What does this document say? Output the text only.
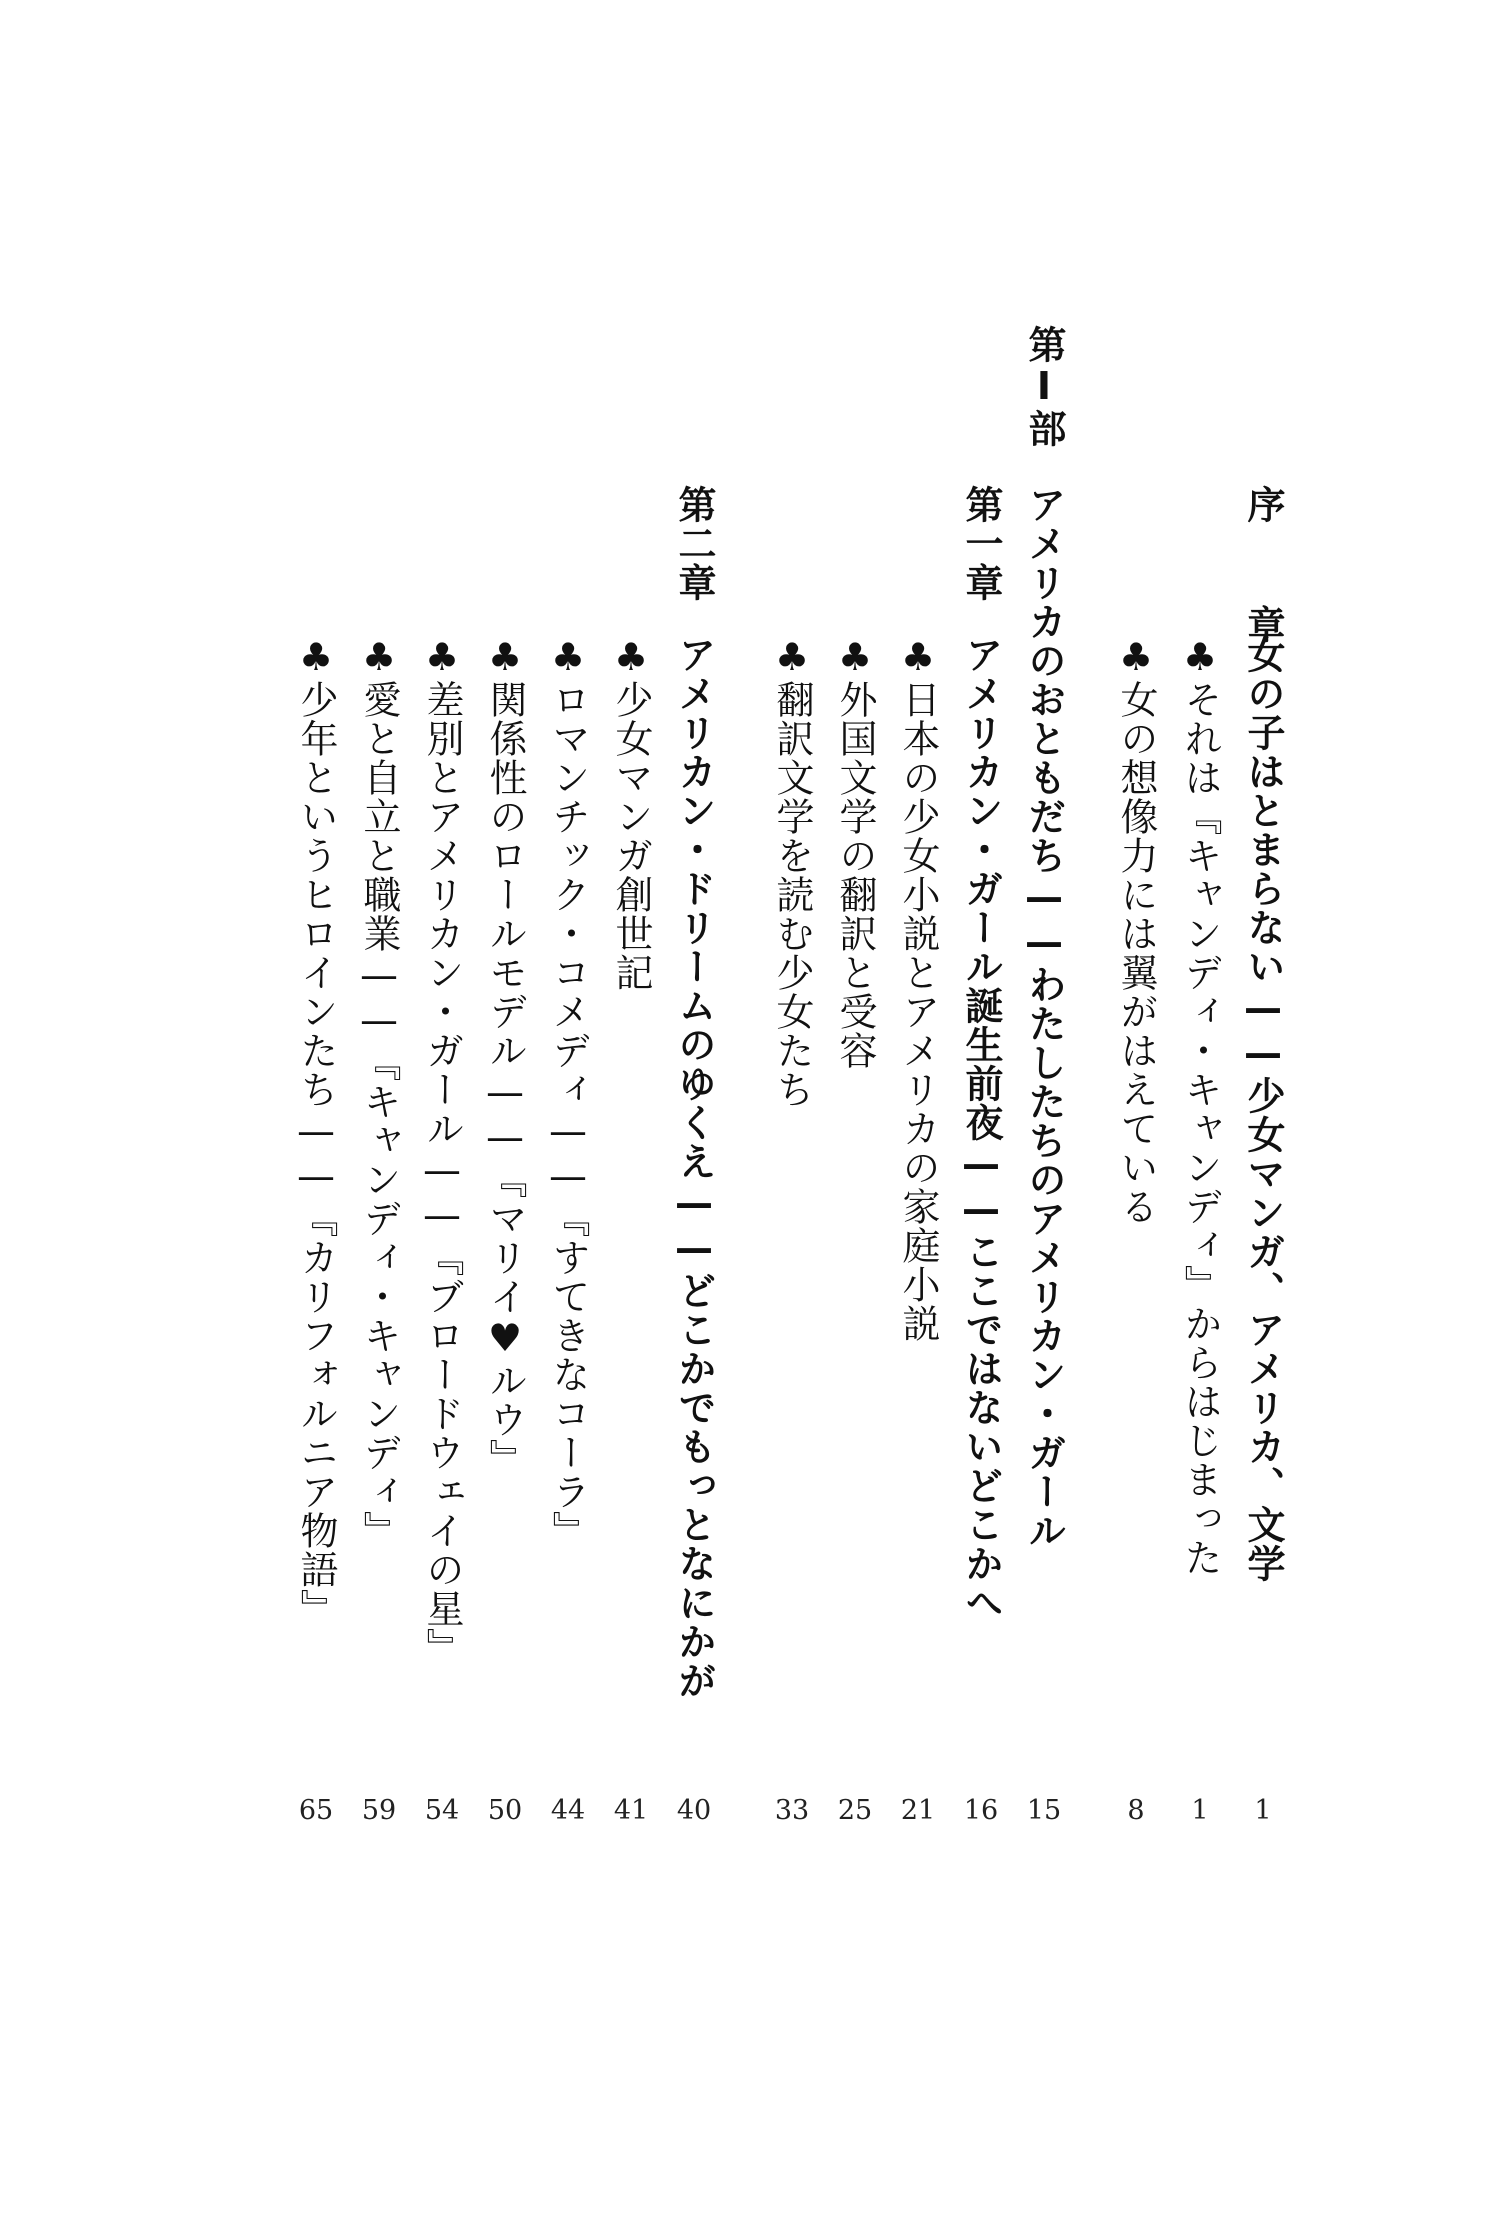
序　章
女の子はとまらない——少女マンガ、アメリカ、文学
1
♣それは『キャンディ・キャンディ』からはじまった
1
♣女の想像力には翼がはえている
8
第Ⅰ部
アメリカのおともだち——わたしたちのアメリカン・ガール
15
第一章
アメリカン・ガール誕生前夜——ここではないどこかへ
16
♣日本の少女小説とアメリカの家庭小説
21
♣外国文学の翻訳と受容
25
♣翻訳文学を読む少女たち
33
第二章
アメリカン・ドリームのゆくえ——どこかでもっとなにかが
40
♣少女マンガ創世記
41
♣ロマンチック・コメディ——『すてきなコーラ』
44
♣関係性のロールモデル——『マリイ♥ルウ』
50
♣差別とアメリカン・ガール——『ブロードウェイの星』
54
♣愛と自立と職業——『キャンディ・キャンディ』
59
♣少年というヒロインたち——『カリフォルニア物語』
65
